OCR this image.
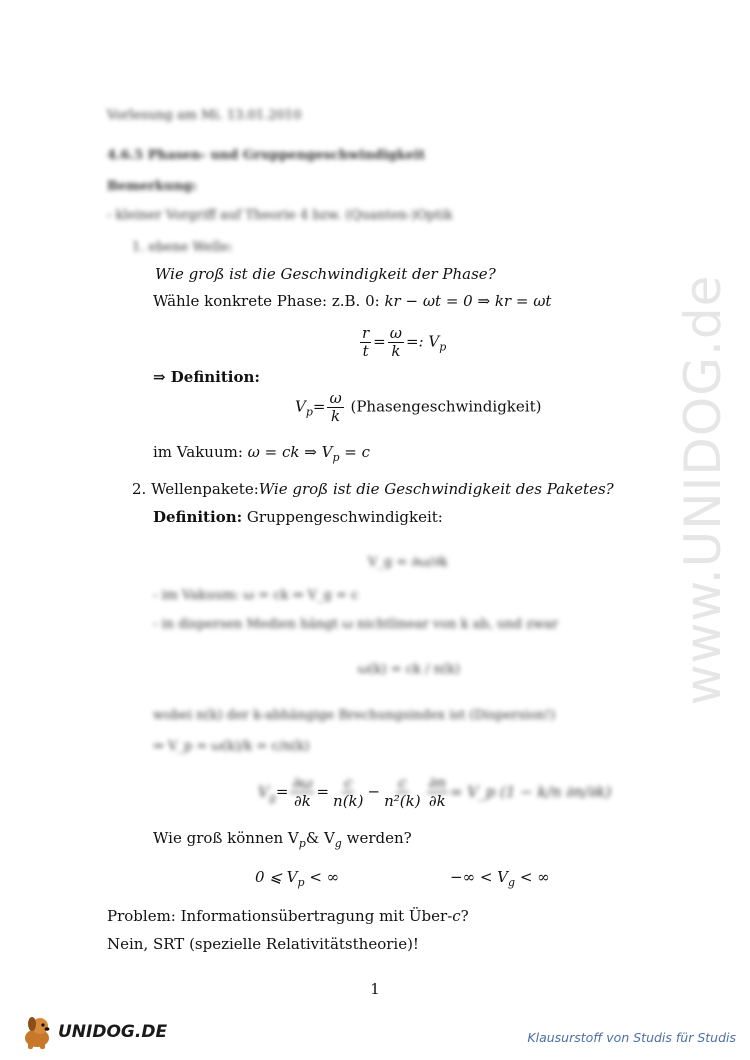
www.UNIDOG.de
Vorlesung am Mi. 13.01.2010
4.6.5 Phasen- und Gruppengeschwindigkeit
Bemerkung:
- kleiner Vorgriff auf Theorie 4 bzw. (Quanten-)Optik
1. ebene Welle:
Wie groß ist die Geschwindigkeit der Phase?
Wähle konkrete Phase: z.B. 0: kr − ωt = 0 ⇒ kr = ωt
$\frac{r}{t} = \frac{\omega}{k}$ =: $V_p$
⇒ Definition:
$V_p= \frac{\omega}{k}$ (Phasengeschwindigkeit)
im Vakuum: ω = ck ⇒ $V_p = c$
2. Wellenpakete:Wie groß ist die Geschwindigkeit des Paketes?
Definition: Gruppengeschwindigkeit:
V_g = ∂ω/∂k
- im Vakuum: ω = ck ⇒ V_g = c
- in dispersen Medien hängt ω nichtlinear von k ab, und zwar
ω(k) = ck / n(k)
wobei n(k) der k-abhängige Brechungsindex ist (Dispersion!)
⇒ V_p = ω(k)/k = c/n(k)
$V_g= \frac{\partial\omega}{\partial k} = \frac{c}{n(k)} - \frac{c}{\text{n²(k)}} \frac{\partial n}{\partial k}$ = V_p (1 − k/n ∂n/∂k)
Wie groß können $V_p\&$ $V_g$ werden?
0 ⩽ $V_p$ < ∞	−∞ < $V_g$ < ∞
Problem: Informationsübertragung mit Über-c?
Nein, SRT (spezielle Relativitätstheorie)!
1
UNIDOG.DE	Klausurstoff von Studis für Studis
